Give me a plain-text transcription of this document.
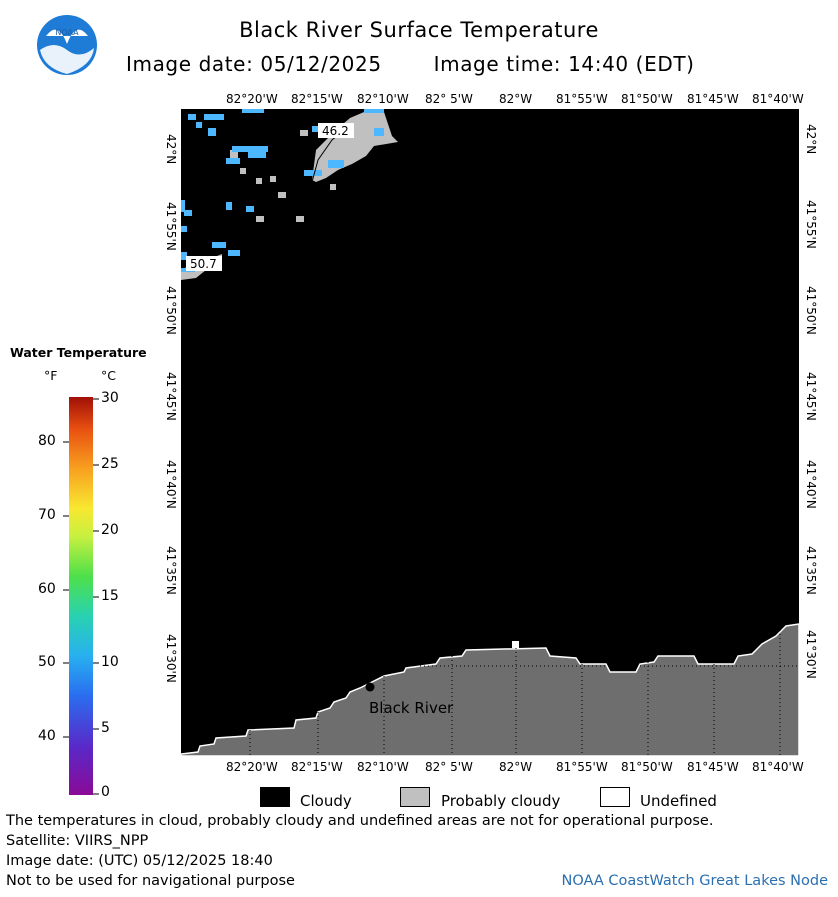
Black River Surface Temperature
Image date: 05/12/2025	Image time: 14:40 (EDT)
NOAA
46.2
50.7
Black River
82°20'W 82°15'W 82°10'W 82° 5'W 82°W 81°55'W 81°50'W 81°45'W 81°40'W
82°20'W 82°15'W 82°10'W 82° 5'W 82°W 81°55'W 81°50'W 81°45'W 81°40'W
42°N
41°55'N
41°50'N
41°45'N
41°40'N
41°35'N
41°30'N
42°N
41°55'N
41°50'N
41°45'N
41°40'N
41°35'N
41°30'N
Water Temperature
°F	°C
80
70
60
50
40
30
25
20
15
10
5
0	Cloudy	Probably cloudy	Undefined
The temperatures in cloud, probably cloudy and undefined areas are not for operational purpose.
Satellite: VIIRS_NPP
Image date: (UTC) 05/12/2025 18:40
Not to be used for navigational purpose	NOAA CoastWatch Great Lakes Node
